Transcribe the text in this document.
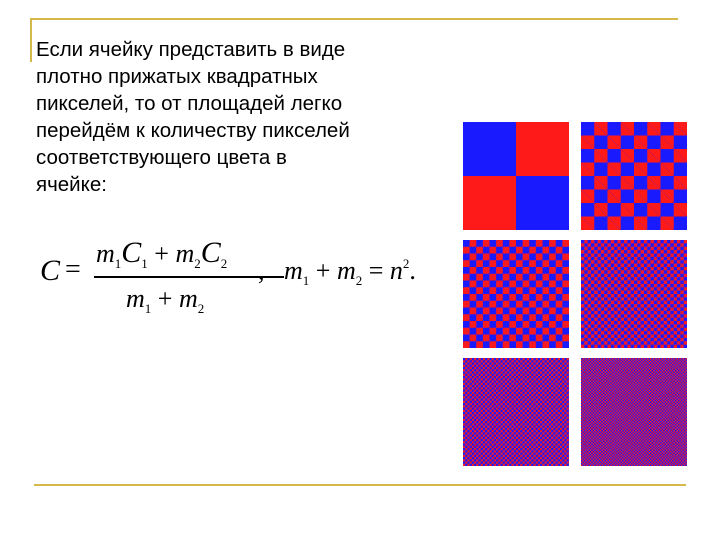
Если ячейку представить в виде
плотно прижатых квадратных
пикселей, то от площадей легко
перейдём к количеству пикселей
соответствующего цвета в
ячейке:

C =
$m_1C_1 + m_2C_2$
$m_1 + m_2$
, $m_1 + m_2 = n^2$.
